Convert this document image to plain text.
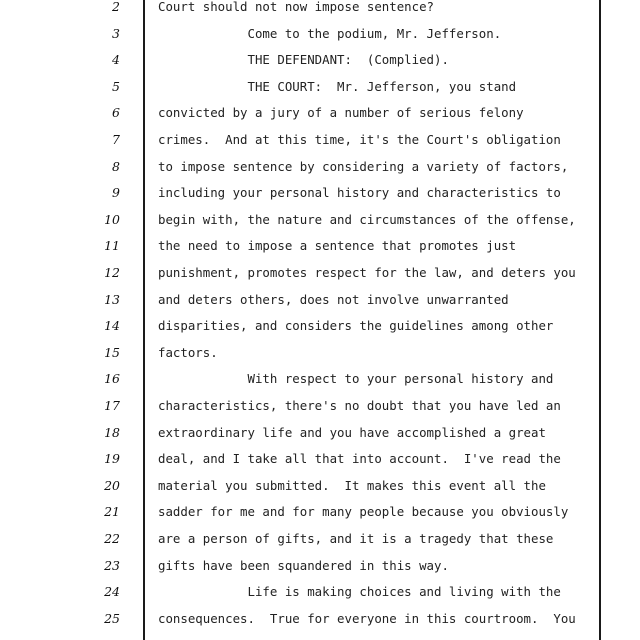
2	Court should not now impose sentence?
3	Come to the podium, Mr. Jefferson.
4	THE DEFENDANT:  (Complied).
5	THE COURT:  Mr. Jefferson, you stand
6	convicted by a jury of a number of serious felony
7	crimes.  And at this time, it's the Court's obligation
8	to impose sentence by considering a variety of factors,
9	including your personal history and characteristics to
10	begin with, the nature and circumstances of the offense,
11	the need to impose a sentence that promotes just
12	punishment, promotes respect for the law, and deters you
13	and deters others, does not involve unwarranted
14	disparities, and considers the guidelines among other
15	factors.
16	With respect to your personal history and
17	characteristics, there's no doubt that you have led an
18	extraordinary life and you have accomplished a great
19	deal, and I take all that into account.  I've read the
20	material you submitted.  It makes this event all the
21	sadder for me and for many people because you obviously
22	are a person of gifts, and it is a tragedy that these
23	gifts have been squandered in this way.
24	Life is making choices and living with the
25	consequences.  True for everyone in this courtroom.  You
